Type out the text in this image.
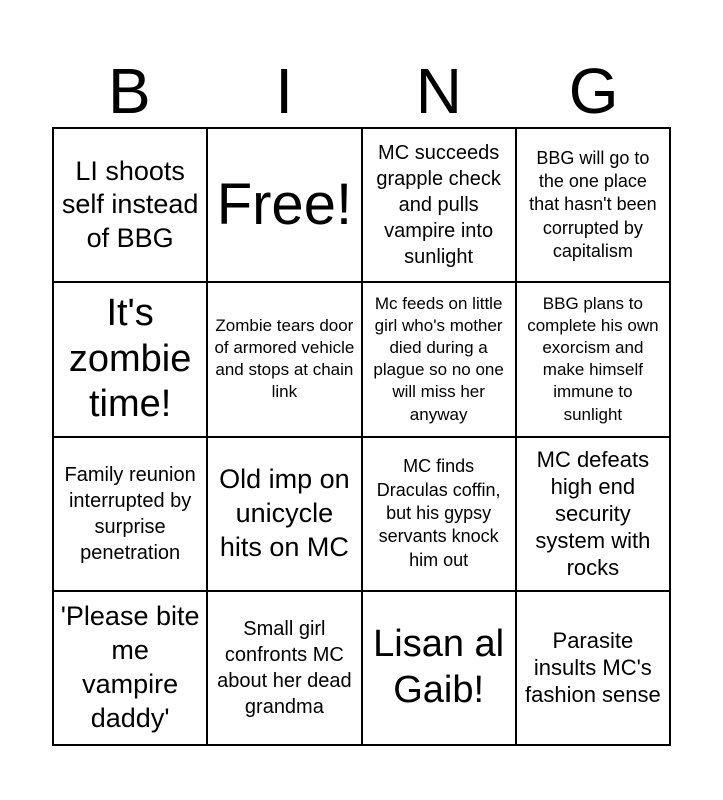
B	I	N	G
LI shoots self instead of BBG
Free!
MC succeeds grapple check and pulls vampire into sunlight
BBG will go to the one place that hasn't been corrupted by capitalism
It's zombie time!
Zombie tears door of armored vehicle and stops at chain link
Mc feeds on little girl who's mother died during a plague so no one will miss her anyway
BBG plans to complete his own exorcism and make himself immune to sunlight
Family reunion interrupted by surprise penetration
Old imp on unicycle hits on MC
MC finds Draculas coffin, but his gypsy servants knock him out
MC defeats high end security system with rocks
'Please bite me vampire daddy'
Small girl confronts MC about her dead grandma
Lisan al Gaib!
Parasite insults MC's fashion sense
